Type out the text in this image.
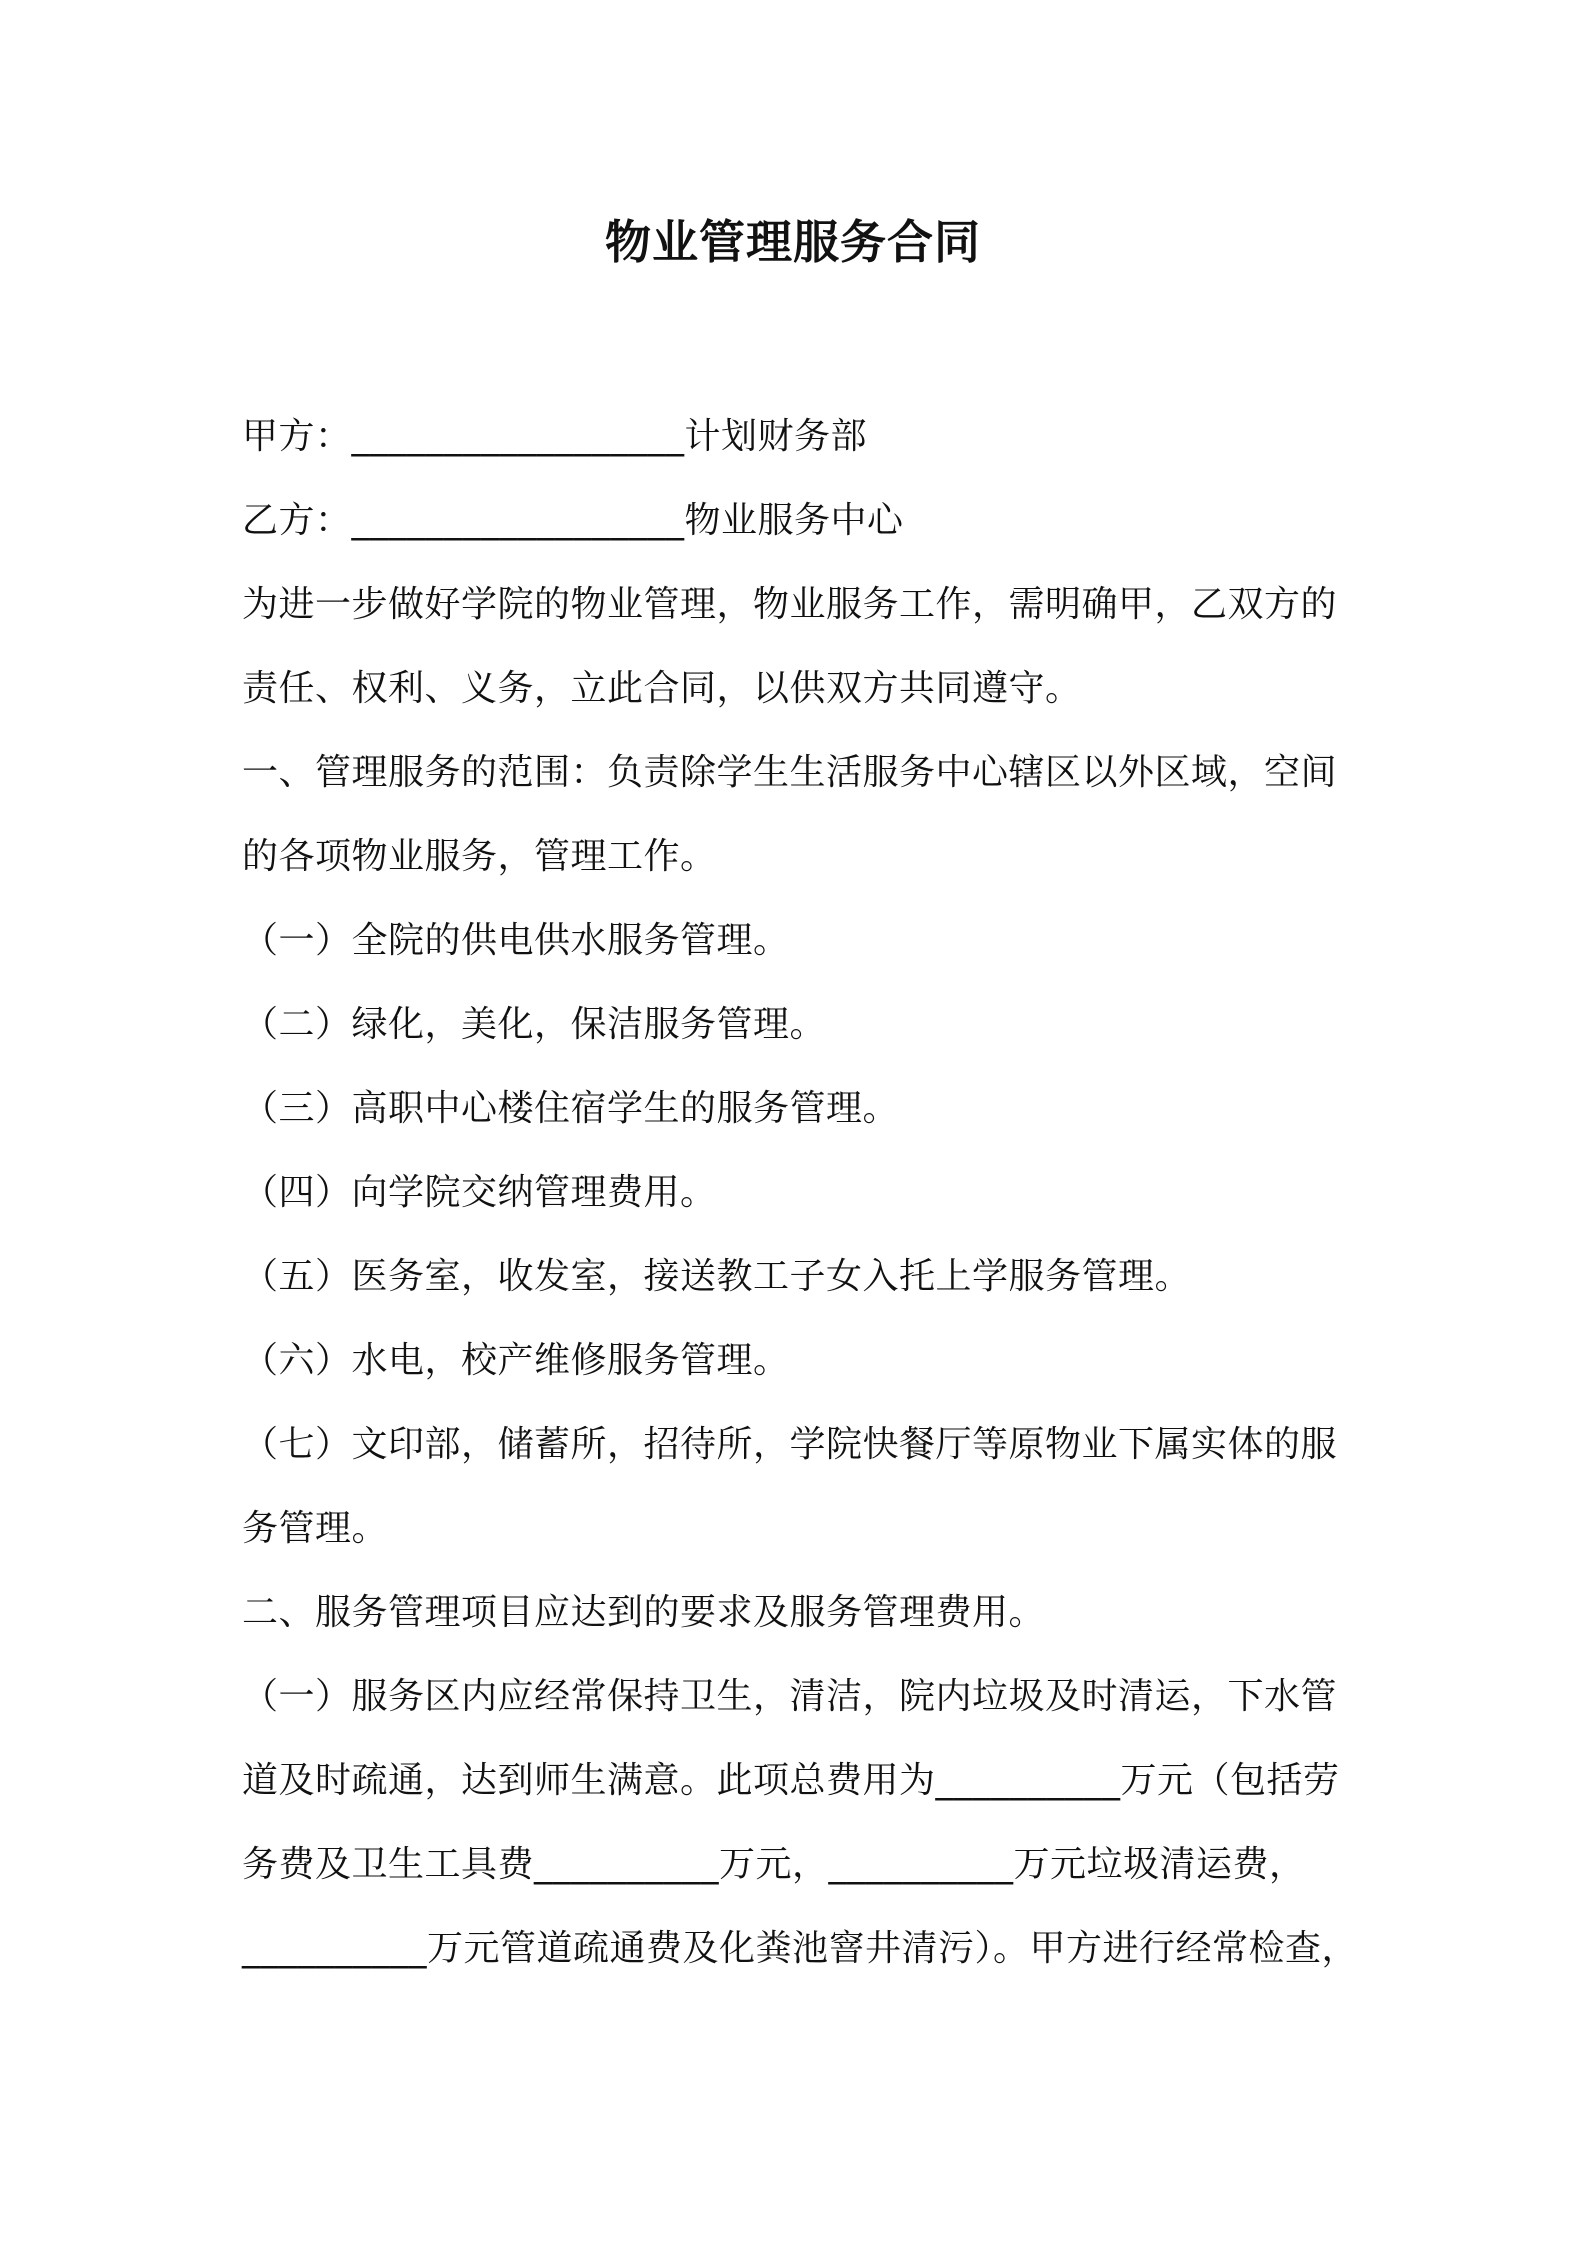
物业管理服务合同
甲方：__________________计划财务部
乙方：__________________物业服务中心
为进一步做好学院的物业管理，物业服务工作，需明确甲，乙双方的
责任、权利、义务，立此合同，以供双方共同遵守。
一、管理服务的范围：负责除学生生活服务中心辖区以外区域，空间
的各项物业服务，管理工作。
（一）全院的供电供水服务管理。
（二）绿化，美化，保洁服务管理。
（三）高职中心楼住宿学生的服务管理。
（四）向学院交纳管理费用。
（五）医务室，收发室，接送教工子女入托上学服务管理。
（六）水电，校产维修服务管理。
（七）文印部，储蓄所，招待所，学院快餐厅等原物业下属实体的服
务管理。
二、服务管理项目应达到的要求及服务管理费用。
（一）服务区内应经常保持卫生，清洁，院内垃圾及时清运，下水管
道及时疏通，达到师生满意。此项总费用为__________万元（包括劳
务费及卫生工具费__________万元，__________万元垃圾清运费，
__________万元管道疏通费及化粪池窨井清污）。甲方进行经常检查，
